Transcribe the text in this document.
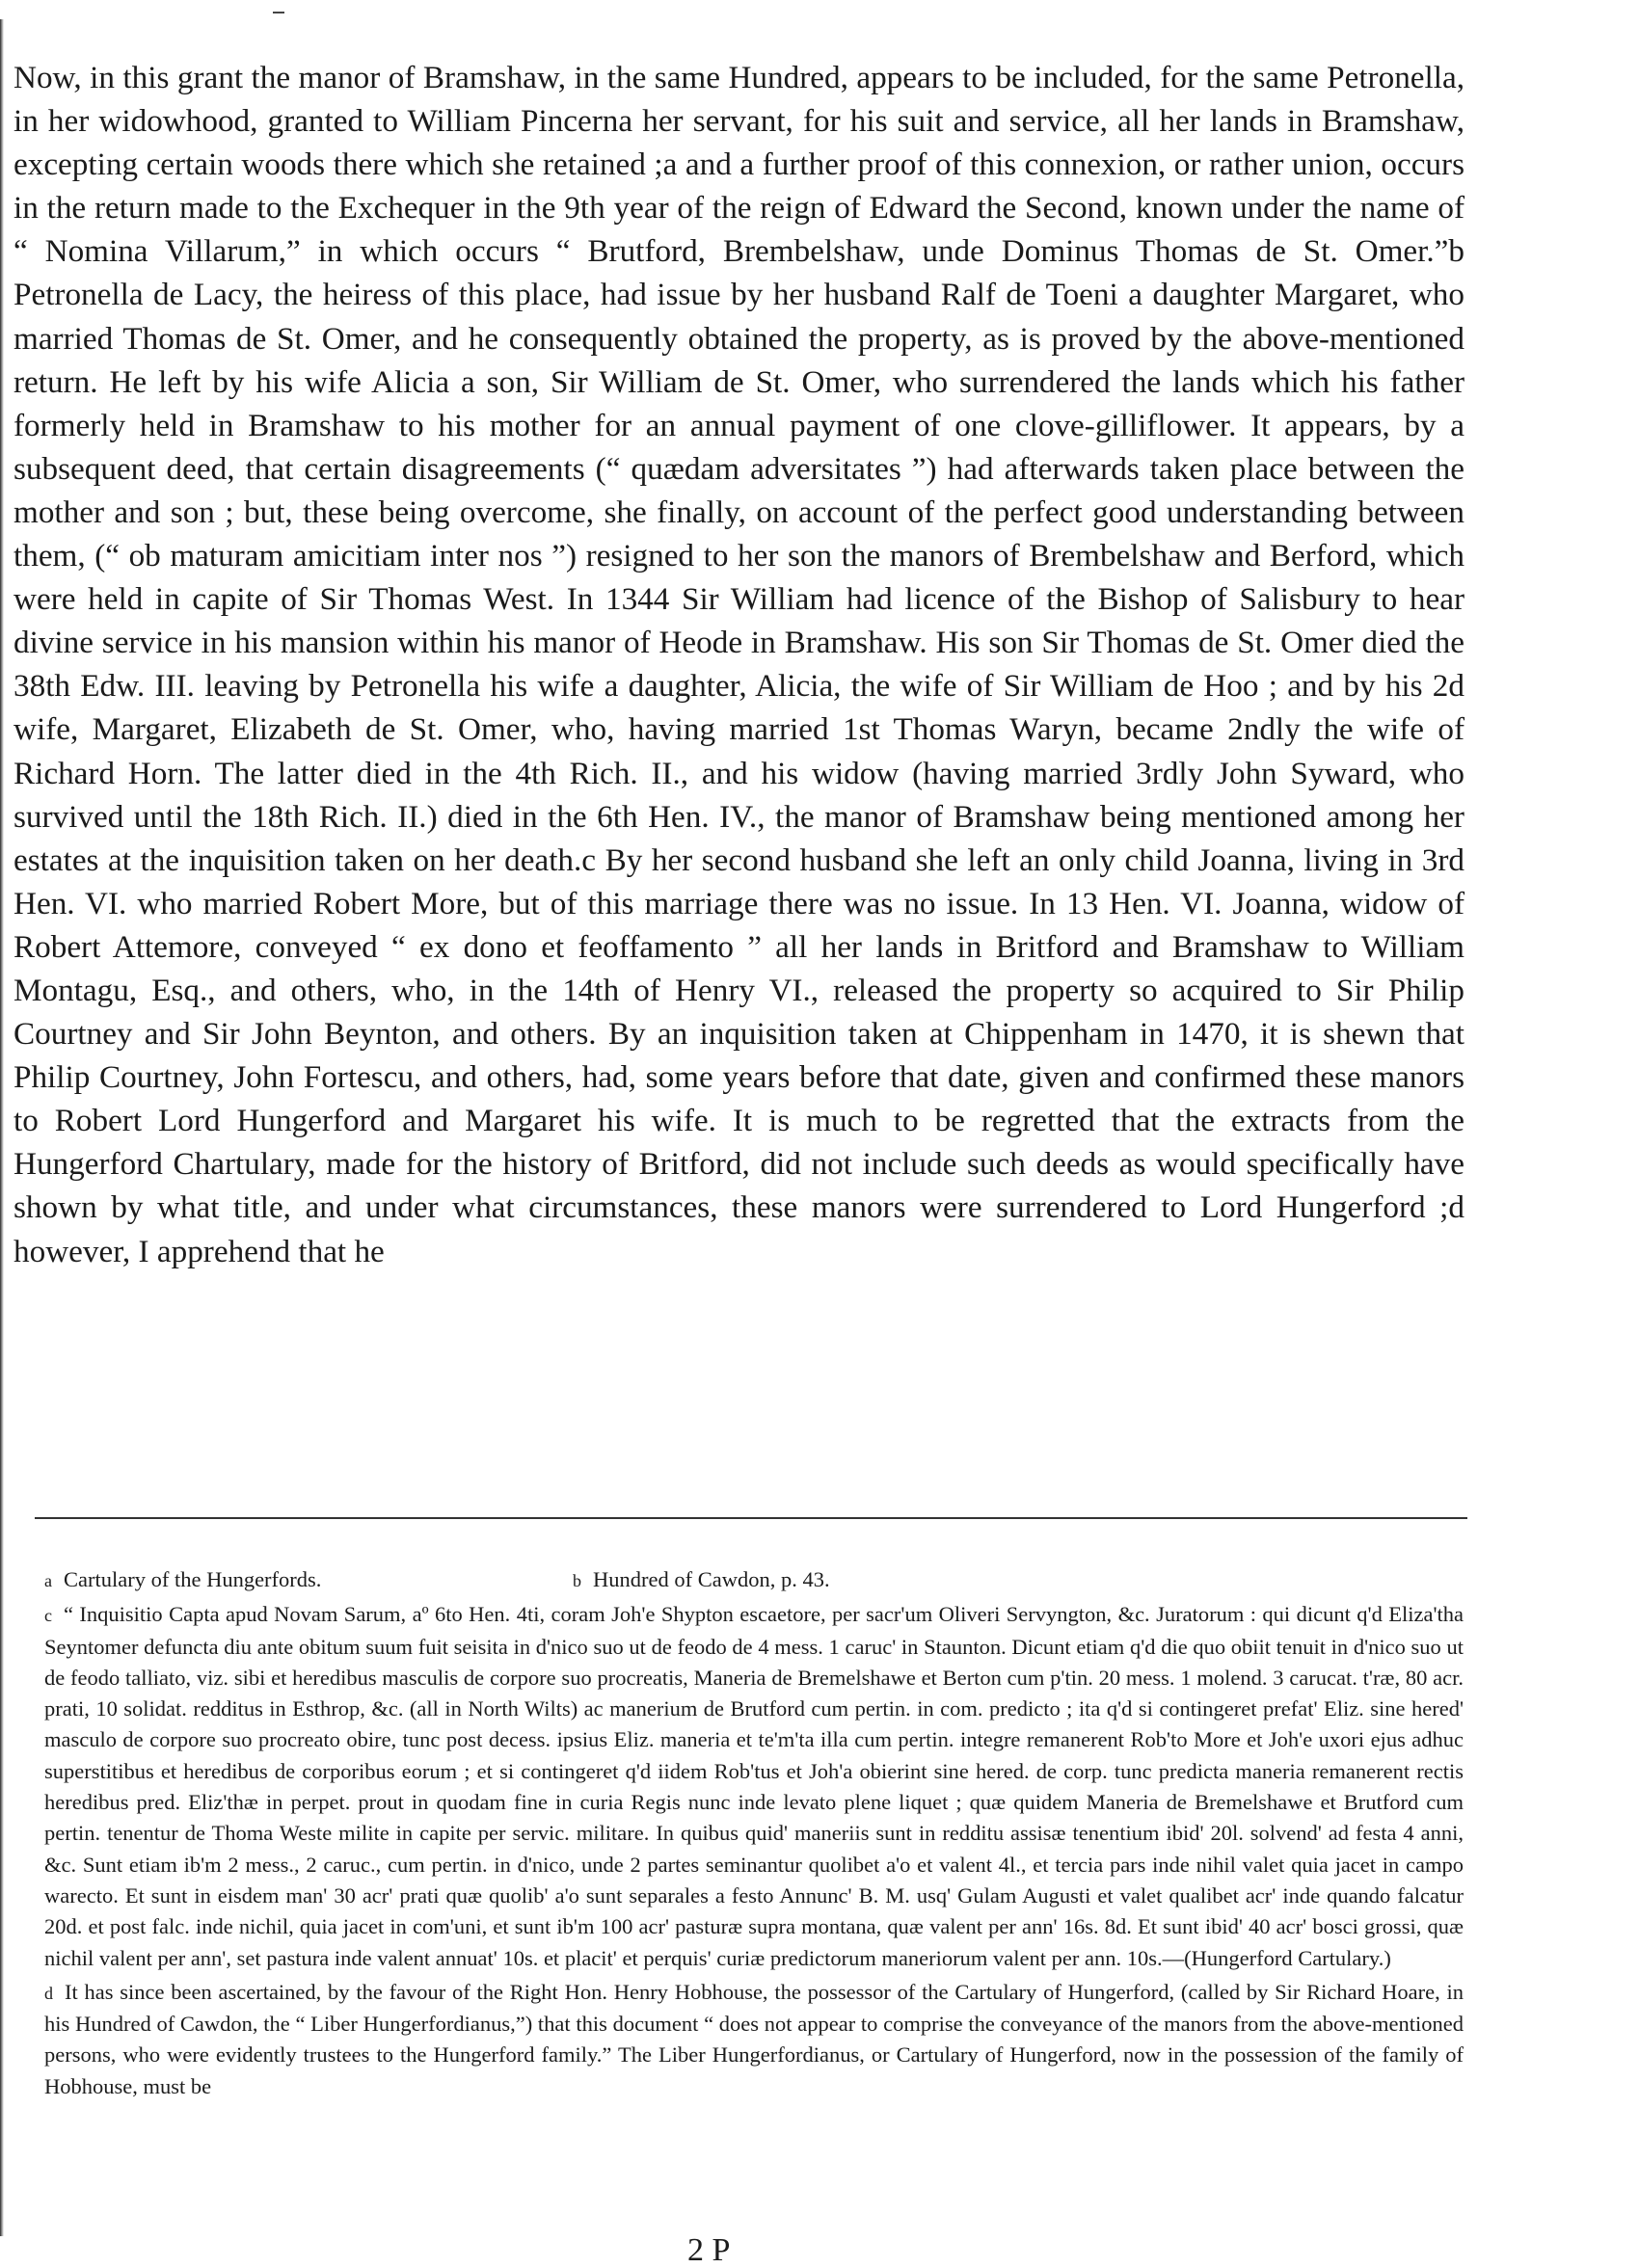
Now, in this grant the manor of Bramshaw, in the same Hundred, appears to be included, for the same Petronella, in her widowhood, granted to William Pincerna her servant, for his suit and service, all her lands in Bramshaw, excepting certain woods there which she retained ;a and a further proof of this connexion, or rather union, occurs in the return made to the Exchequer in the 9th year of the reign of Edward the Second, known under the name of “ Nomina Villarum,” in which occurs “ Brutford, Brembelshaw, unde Dominus Thomas de St. Omer.”b Petronella de Lacy, the heiress of this place, had issue by her husband Ralf de Toeni a daughter Margaret, who married Thomas de St. Omer, and he consequently obtained the property, as is proved by the above-mentioned return. He left by his wife Alicia a son, Sir William de St. Omer, who surrendered the lands which his father formerly held in Bramshaw to his mother for an annual payment of one clove-gilliflower. It appears, by a subsequent deed, that certain disagreements (“ quædam adversitates ”) had afterwards taken place between the mother and son ; but, these being overcome, she finally, on account of the perfect good understanding between them, (“ ob maturam amicitiam inter nos ”) resigned to her son the manors of Brembelshaw and Berford, which were held in capite of Sir Thomas West. In 1344 Sir William had licence of the Bishop of Salisbury to hear divine service in his mansion within his manor of Heode in Bramshaw. His son Sir Thomas de St. Omer died the 38th Edw. III. leaving by Petronella his wife a daughter, Alicia, the wife of Sir William de Hoo ; and by his 2d wife, Margaret, Elizabeth de St. Omer, who, having married 1st Thomas Waryn, became 2ndly the wife of Richard Horn. The latter died in the 4th Rich. II., and his widow (having married 3rdly John Syward, who survived until the 18th Rich. II.) died in the 6th Hen. IV., the manor of Bramshaw being mentioned among her estates at the inquisition taken on her death.c By her second husband she left an only child Joanna, living in 3rd Hen. VI. who married Robert More, but of this marriage there was no issue. In 13 Hen. VI. Joanna, widow of Robert Attemore, conveyed “ ex dono et feoffamento ” all her lands in Britford and Bramshaw to William Montagu, Esq., and others, who, in the 14th of Henry VI., released the property so acquired to Sir Philip Courtney and Sir John Beynton, and others. By an inquisition taken at Chippenham in 1470, it is shewn that Philip Courtney, John Fortescu, and others, had, some years before that date, given and confirmed these manors to Robert Lord Hungerford and Margaret his wife. It is much to be regretted that the extracts from the Hungerford Chartulary, made for the history of Britford, did not include such deeds as would specifically have shown by what title, and under what circumstances, these manors were surrendered to Lord Hungerford ;d however, I apprehend that he

a Cartulary of the Hungerfords.	b Hundred of Cawdon, p. 43.
c “ Inquisitio Capta apud Novam Sarum, aº 6to Hen. 4ti, coram Joh'e Shypton escaetore, per sacr'um Oliveri Servyngton, &c. Juratorum : qui dicunt q'd Eliza'tha Seyntomer defuncta diu ante obitum suum fuit seisita in d'nico suo ut de feodo de 4 mess. 1 caruc' in Staunton. Dicunt etiam q'd die quo obiit tenuit in d'nico suo ut de feodo talliato, viz. sibi et heredibus masculis de corpore suo procreatis, Maneria de Bremelshawe et Berton cum p'tin. 20 mess. 1 molend. 3 carucat. t'ræ, 80 acr. prati, 10 solidat. redditus in Esthrop, &c. (all in North Wilts) ac manerium de Brutford cum pertin. in com. predicto ; ita q'd si contingeret prefat' Eliz. sine hered' masculo de corpore suo procreato obire, tunc post decess. ipsius Eliz. maneria et te'm'ta illa cum pertin. integre remanerent Rob'to More et Joh'e uxori ejus adhuc superstitibus et heredibus de corporibus eorum ; et si contingeret q'd iidem Rob'tus et Joh'a obierint sine hered. de corp. tunc predicta maneria remanerent rectis heredibus pred. Eliz'thæ in perpet. prout in quodam fine in curia Regis nunc inde levato plene liquet ; quæ quidem Maneria de Bremelshawe et Brutford cum pertin. tenentur de Thoma Weste milite in capite per servic. militare. In quibus quid' maneriis sunt in redditu assisæ tenentium ibid' 20l. solvend' ad festa 4 anni, &c. Sunt etiam ib'm 2 mess., 2 caruc., cum pertin. in d'nico, unde 2 partes seminantur quolibet a'o et valent 4l., et tercia pars inde nihil valet quia jacet in campo warecto. Et sunt in eisdem man' 30 acr' prati quæ quolib' a'o sunt separales a festo Annunc' B. M. usq' Gulam Augusti et valet qualibet acr' inde quando falcatur 20d. et post falc. inde nichil, quia jacet in com'uni, et sunt ib'm 100 acr' pasturæ supra montana, quæ valent per ann' 16s. 8d. Et sunt ibid' 40 acr' bosci grossi, quæ nichil valent per ann', set pastura inde valent annuat' 10s. et placit' et perquis' curiæ predictorum maneriorum valent per ann. 10s.—(Hungerford Cartulary.)
d It has since been ascertained, by the favour of the Right Hon. Henry Hobhouse, the possessor of the Cartulary of Hungerford, (called by Sir Richard Hoare, in his Hundred of Cawdon, the “ Liber Hungerfordianus,”) that this document “ does not appear to comprise the conveyance of the manors from the above-mentioned persons, who were evidently trustees to the Hungerford family.” The Liber Hungerfordianus, or Cartulary of Hungerford, now in the possession of the family of Hobhouse, must be
2 P
